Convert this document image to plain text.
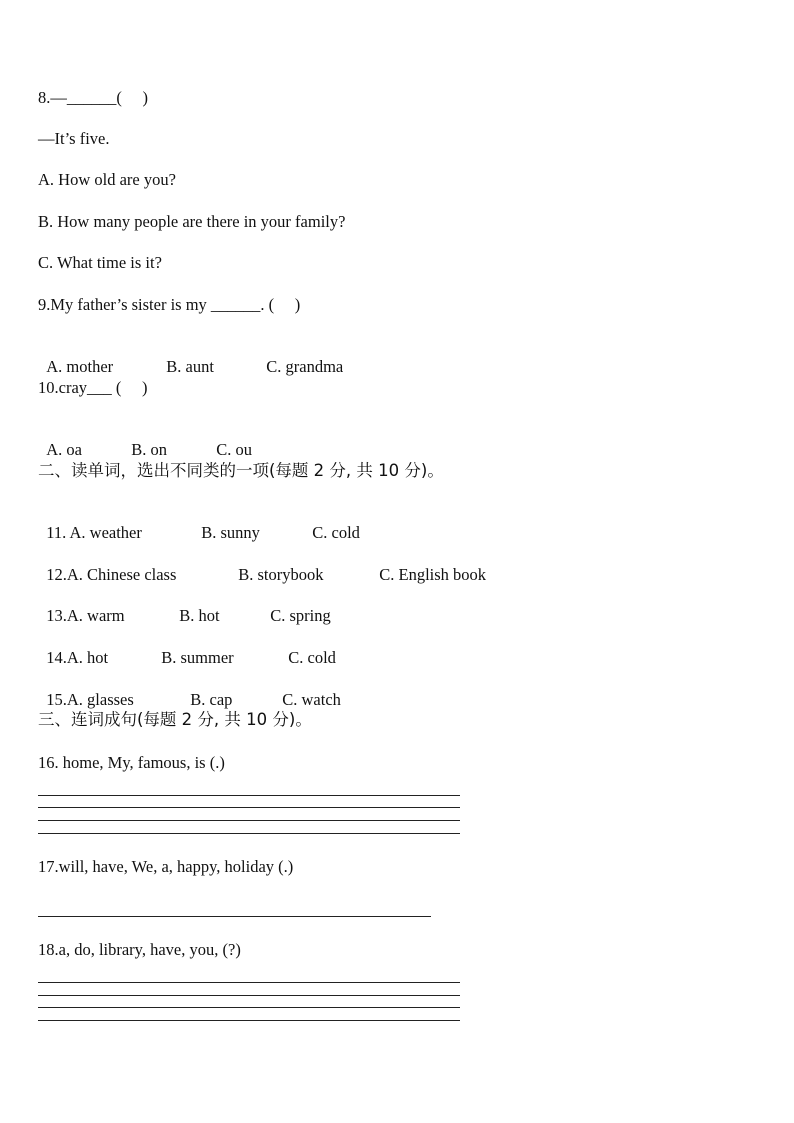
8.—______(     )
—It’s five.
A. How old are you?
B. How many people are there in your family?
C. What time is it?
9.My father’s sister is my ______. (     )

A. mother	B. aunt	C. grandma

10.cray___ (     )

A. oa	B. on	C. ou

二、读单词，选出不同类的一项(每题 2 分, 共 10 分)。

11. A. weather	B. sunny	C. cold

12.A. Chinese class	B. storybook	C. English book

13.A. warm	B. hot	C. spring

14.A. hot	B. summer	C. cold

15.A. glasses	B. cap	C. watch

三、连词成句(每题 2 分, 共 10 分)。
16. home, My, famous, is (.)
17.will, have, We, a, happy, holiday (.)
18.a, do, library, have, you, (?)
